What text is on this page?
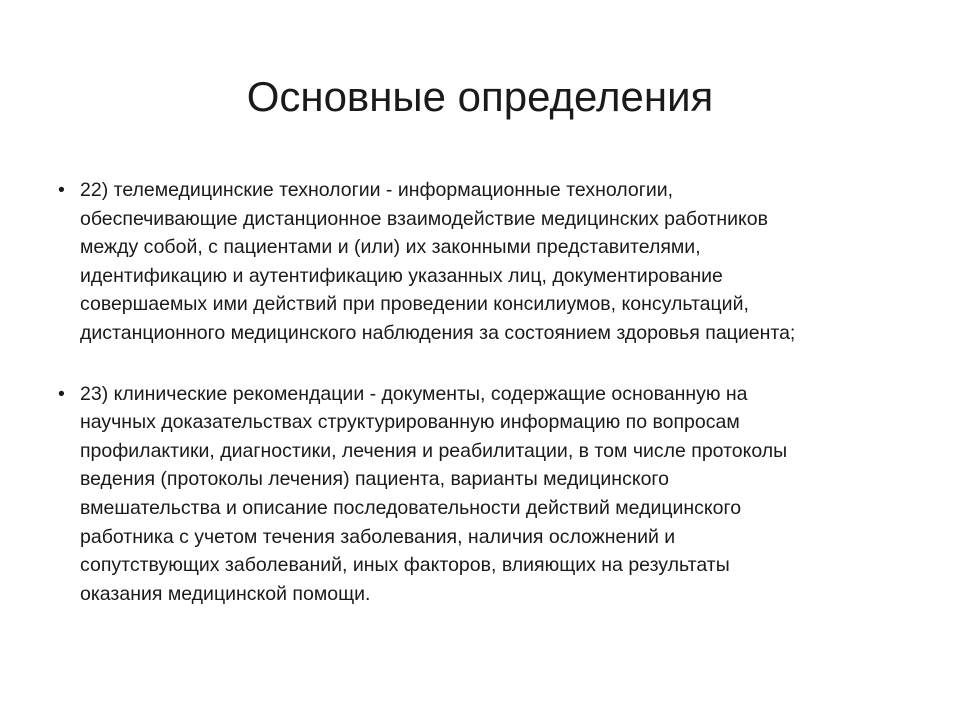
Основные определения
• 22) телемедицинские технологии - информационные технологии,
обеспечивающие дистанционное взаимодействие медицинских работников
между собой, с пациентами и (или) их законными представителями,
идентификацию и аутентификацию указанных лиц, документирование
совершаемых ими действий при проведении консилиумов, консультаций,
дистанционного медицинского наблюдения за состоянием здоровья пациента;
• 23) клинические рекомендации - документы, содержащие основанную на
научных доказательствах структурированную информацию по вопросам
профилактики, диагностики, лечения и реабилитации, в том числе протоколы
ведения (протоколы лечения) пациента, варианты медицинского
вмешательства и описание последовательности действий медицинского
работника с учетом течения заболевания, наличия осложнений и
сопутствующих заболеваний, иных факторов, влияющих на результаты
оказания медицинской помощи.
